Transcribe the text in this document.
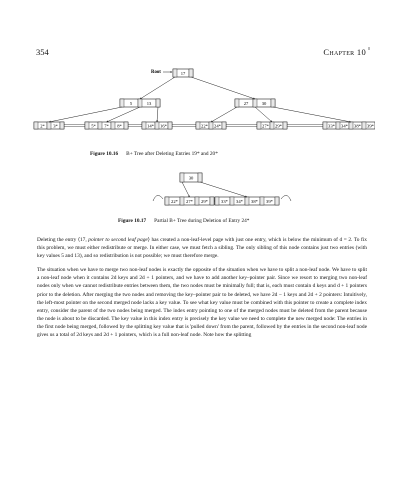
354	Chapter 10
Root	17
5	13	27	30
2* 3*	5* 7* 8*	14* 16*	22* 24*	27* 29*	33* 34* 38* 39*
30
22* 27* 29*	33* 34* 38* 39*
Figure 10.16 B+ Tree after Deleting Entries 19* and 20*
Figure 10.17 Partial B+ Tree during Deletion of Entry 24*

Deleting the entry ⟨17, pointer to second leaf page⟩ has created a non-leaf-level page with just one entry, which is below the minimum of d = 2. To fix this problem, we must either redistribute or merge. In either case, we must fetch a sibling. The only sibling of this node contains just two entries (with key values 5 and 13), and so redistribution is not possible; we must therefore merge.

The situation when we have to merge two non-leaf nodes is exactly the opposite of the situation when we have to split a non-leaf node. We have to split a non-leaf node when it contains 2d keys and 2d + 1 pointers, and we have to add another key–pointer pair. Since we resort to merging two non-leaf nodes only when we cannot redistribute entries between them, the two nodes must be minimally full; that is, each must contain d keys and d + 1 pointers prior to the deletion. After merging the two nodes and removing the key–pointer pair to be deleted, we have 2d − 1 keys and 2d + 2 pointers: Intuitively, the left-most pointer on the second merged node lacks a key value. To see what key value must be combined with this pointer to create a complete index entry, consider the parent of the two nodes being merged. The index entry pointing to one of the merged nodes must be deleted from the parent because the node is about to be discarded. The key value in this index entry is precisely the key value we need to complete the new merged node: The entries in the first node being merged, followed by the splitting key value that is 'pulled down' from the parent, followed by the entries in the second non-leaf node gives us a total of 2d keys and 2d + 1 pointers, which is a full non-leaf node. Note how the splitting
